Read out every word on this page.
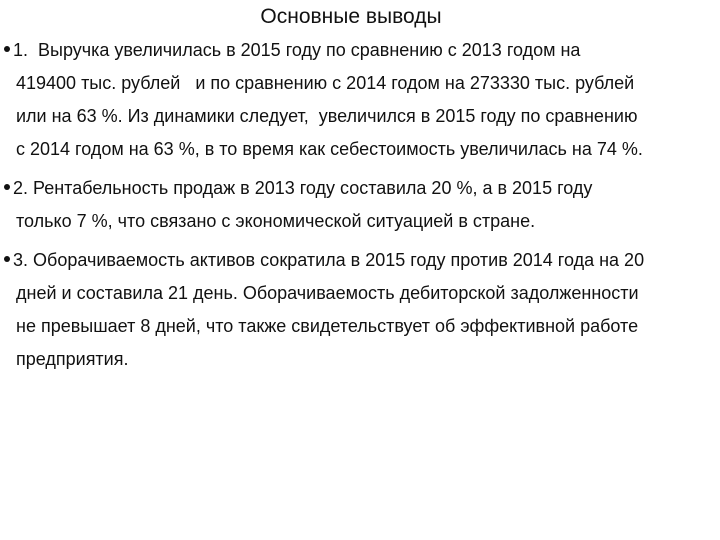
Основные выводы
1.  Выручка увеличилась в 2015 году по сравнению с 2013 годом на
419400 тыс. рублей   и по сравнению с 2014 годом на 273330 тыс. рублей
или на 63 %. Из динамики следует,  увеличился в 2015 году по сравнению
с 2014 годом на 63 %, в то время как себестоимость увеличилась на 74 %.
2. Рентабельность продаж в 2013 году составила 20 %, а в 2015 году
только 7 %, что связано с экономической ситуацией в стране.
3. Оборачиваемость активов сократила в 2015 году против 2014 года на 20
дней и составила 21 день. Оборачиваемость дебиторской задолженности
не превышает 8 дней, что также свидетельствует об эффективной работе
предприятия.
